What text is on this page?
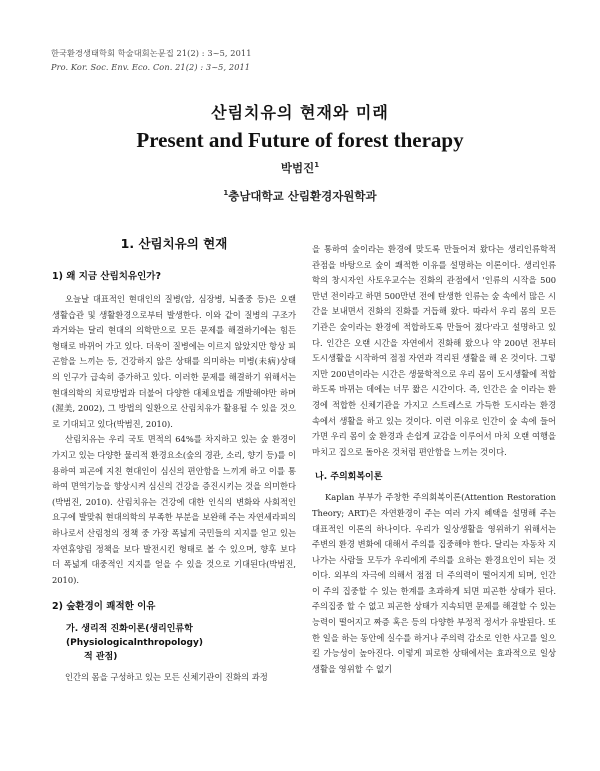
한국환경생태학회 학술대회논문집 21(2) : 3~5, 2011
Pro. Kor. Soc. Env. Eco. Con. 21(2) : 3~5, 2011
산림치유의 현재와 미래
Present and Future of forest therapy
박범진$^1$
$^1$충남대학교 산림환경자원학과
1. 산림치유의 현재
1) 왜 지금 산림치유인가?
오늘날 대표적인 현대인의 질병(암, 심장병, 뇌졸중 등)은 오랜 생활습관 및 생활환경으로부터 발생한다. 이와 같이 질병의 구조가 과거와는 달리 현대의 의학만으로 모든 문제를 해결하기에는 힘든 형태로 바뀌어 가고 있다. 더욱이 질병에는 이르지 않았지만 항상 피곤함을 느끼는 등, 건강하지 않은 상태를 의미하는 미병(未病)상태의 인구가 급속히 증가하고 있다. 이러한 문제를 해결하기 위해서는 현대의학의 치료방법과 더불어 다양한 대체요법을 개발해야만 하며(渥美, 2002), 그 방법의 일환으로 산림치유가 활용될 수 있을 것으로 기대되고 있다(박범진, 2010).
산림치유는 우리 국토 면적의 64%를 차지하고 있는 숲 환경이 가지고 있는 다양한 물리적 환경요소(숲의 경관, 소리, 향기 등)를 이용하여 피곤에 지친 현대인이 심신의 편안함을 느끼게 하고 이를 통하여 면역기능을 향상시켜 심신의 건강을 증진시키는 것을 의미한다(박범진, 2010). 산림치유는 건강에 대한 인식의 변화와 사회적인 요구에 발맞춰 현대의학의 부족한 부분을 보완해 주는 자연세라피의 하나로서 산림청의 정책 중 가장 폭넓게 국민들의 지지를 얻고 있는 자연휴양림 정책을 보다 발전시킨 형태로 볼 수 있으며, 향후 보다 더 폭넓게 대중적인 지지를 얻을 수 있을 것으로 기대된다(박범진, 2010).
2) 숲환경이 쾌적한 이유
가. 생리적 진화이론(생리인류학(Physiologicalnthropology)
적 관점)
인간의 몸을 구성하고 있는 모든 신체기관이 진화의 과정
을 통하여 숲이라는 환경에 맞도록 만들어져 왔다는 생리인류학적 관점을 바탕으로 숲이 쾌적한 이유를 설명하는 이론이다. 생리인류학의 창시자인 사토우교수는 진화의 관점에서 '인류의 시작을 500만년 전이라고 하면 500만년 전에 탄생한 인류는 숲 속에서 많은 시간을 보내면서 진화의 진화를 거듭해 왔다. 따라서 우리 몸의 모든 기관은 숲이라는 환경에 적합하도록 만들어 졌다'라고 설명하고 있다. 인간은 오랜 시간을 자연에서 진화해 왔으나 약 200년 전부터 도시생활을 시작하여 점점 자연과 격리된 생활을 해 온 것이다. 그렇지만 200년이라는 시간은 생물학적으로 우리 몸이 도시생활에 적합하도록 바뀌는 데에는 너무 짧은 시간이다. 즉, 인간은 숲 이라는 환경에 적합한 신체기관을 가지고 스트레스로 가득한 도시라는 환경 속에서 생활을 하고 있는 것이다. 이런 이유로 인간이 숲 속에 들어가면 우리 몸이 숲 환경과 손쉽게 교감을 이루어서 마치 오랜 여행을 마치고 집으로 돌아온 것처럼 편안함을 느끼는 것이다.
나. 주의회복이론
Kaplan 부부가 주창한 주의회복이론(Attention Restoration Theory; ART)은 자연환경이 주는 여러 가지 혜택을 설명해 주는 대표적인 이론의 하나이다. 우리가 일상생활을 영위하기 위해서는 주변의 환경 변화에 대해서 주의를 집중해야 한다. 달리는 자동차 지나가는 사람들 모두가 우리에게 주의를 요하는 환경요인이 되는 것이다. 외부의 자극에 의해서 점점 더 주의력이 떨어지게 되며, 인간이 주의 집중할 수 있는 한계를 초과하게 되면 피곤한 상태가 된다. 주의집중 할 수 없고 피곤한 상태가 지속되면 문제를 해결할 수 있는 능력이 떨어지고 짜증 혹은 등의 다양한 부정적 정서가 유발된다. 또한 일을 하는 동안에 실수를 하거나 주의력 감소로 인한 사고를 일으킬 가능성이 높아진다. 이렇게 피로한 상태에서는 효과적으로 일상생활을 영위할 수 없기
